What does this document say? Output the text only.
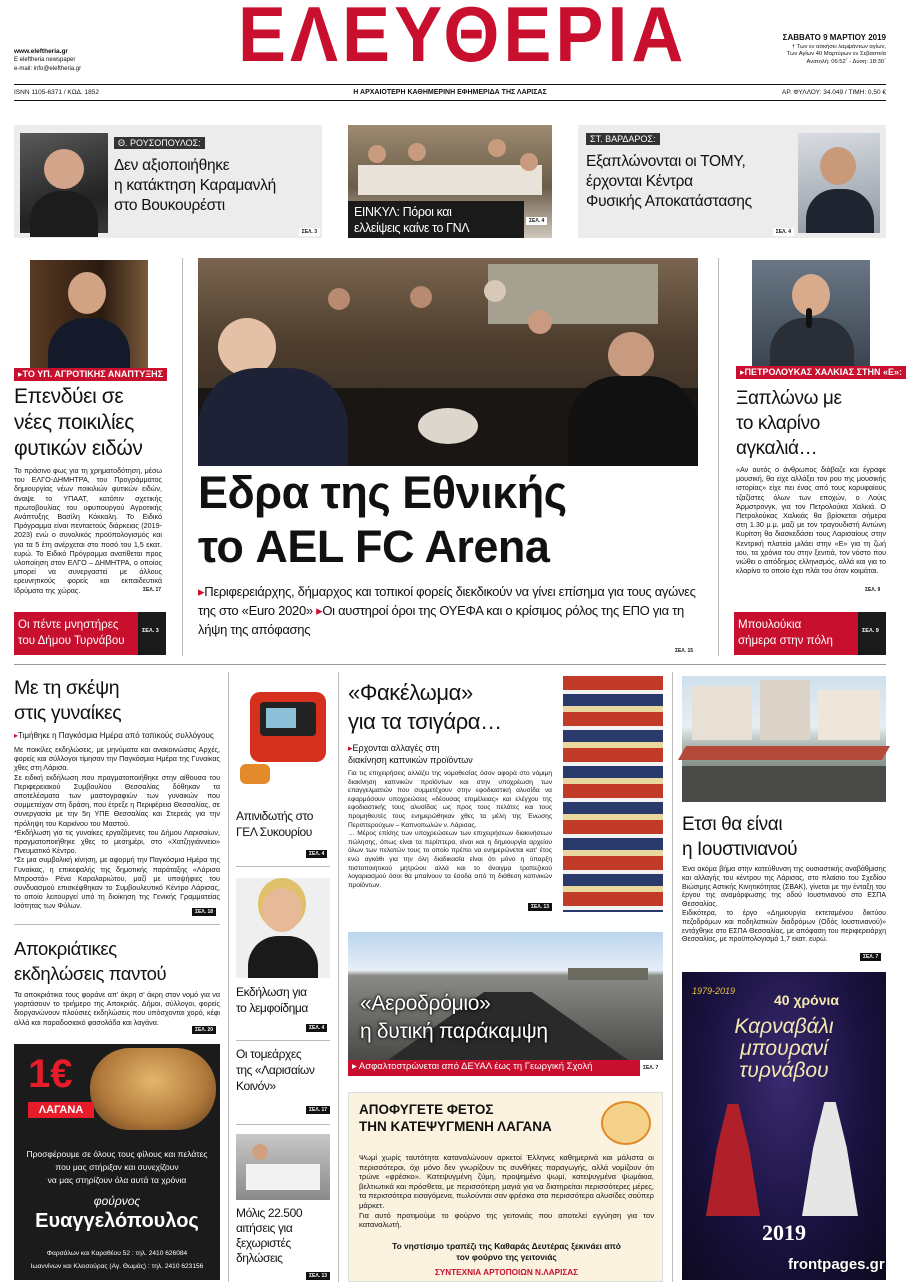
ΕΛΕΥΘΕΡΙΑ
www.eleftheria.gr
E eleftheria newspaper
e-mail: info@eleftheria.gr
ΣΑΒΒΑΤΟ 9 ΜΑΡΤΙΟΥ 2019
† Των εν ασκήσει λαμψάντων αγίων,
Των Αγίων 40 Μαρτύρων εν Σεβαστεία
Ανατολή: 06:52΄ - Δύση: 18:30΄
ISNN 1105-6371 / ΚΩΔ. 1852	Η ΑΡΧΑΙΟΤΕΡΗ ΚΑΘΗΜΕΡΙΝΗ ΕΦΗΜΕΡΙΔΑ ΤΗΣ ΛΑΡΙΣΑΣ	ΑΡ. ΦΥΛΛΟΥ: 34.049 / ΤΙΜΗ: 0,50 €
Θ. ΡΟΥΣΟΠΟΥΛΟΣ:
Δεν αξιοποιήθηκε
η κατάκτηση Καραμανλή
στο Βουκουρέστι
ΣΕΛ. 3
ΕΙΝΚΥΛ: Πόροι και
ελλείψεις καίνε το ΓΝΛ	ΣΕΛ. 4
ΣΤ. ΒΑΡΔΑΡΟΣ:
Εξαπλώνονται οι ΤΟΜΥ,
έρχονται Κέντρα
Φυσικής Αποκατάστασης
ΣΕΛ. 4
▸ΤΟ ΥΠ. ΑΓΡΟΤΙΚΗΣ ΑΝΑΠΤΥΞΗΣ
Επενδύει σε
νέες ποικιλίες
φυτικών ειδών
Το πράσινο φως για τη χρηματοδότηση, μέσω του ΕΛΓΟ-ΔΗΜΗΤΡΑ, του Προγράμματος δημιουργίας νέων ποικιλιών φυτικών ειδών, άναψε το ΥΠΑΑΤ, κατόπιν σχετικής πρωτοβουλίας του υφυπουργού Αγροτικής Ανάπτυξης Βασίλη Κόκκαλη. Το Ειδικό Πρόγραμμα είναι πενταετούς διάρκειας (2019-2023) ενώ ο συνολικός προϋπολογισμός και για τα 5 έτη ανέρχεται στο ποσό του 1,5 εκατ. ευρώ. Το Ειδικό Πρόγραμμα ανατίθεται προς υλοποίηση στον ΕΛΓΟ – ΔΗΜΗΤΡΑ, ο οποίος μπορεί να συνεργαστεί με άλλους ερευνητικούς φορείς και εκπαιδευτικά Ιδρύματα της χώρας.	ΣΕΛ. 17
Οι πέντε μνηστήρες
του Δήμου Τυρνάβου
ΣΕΛ. 3
Εδρα της Εθνικής
το AEL FC Arena
▸Περιφερειάρχης, δήμαρχος και τοπικοί φορείς διεκδικούν να γίνει επίσημα για τους αγώνες της στο «Euro 2020» ▸Οι αυστηροί όροι της ΟΥΕΦΑ και ο κρίσιμος ρόλος της ΕΠΟ για τη λήψη της απόφασης
ΣΕΛ. 15
▸ΠΕΤΡΟΛΟΥΚΑΣ ΧΑΛΚΙΑΣ ΣΤΗΝ «Ε»:
Ξαπλώνω με
το κλαρίνο
αγκαλιά…
«Αν αυτός ο άνθρωπος διάβαζε και έγραφε μουσική, θα είχε αλλάξει τον ρου της μουσικής ιστορίας» είχε πει ένας από τους κορυφαίους τζαζίστες όλων των εποχών, ο Λούις Άρμστρονγκ, για τον Πετρολούκα Χαλκιά. Ο Πετρολούκας Χαλκιάς θα βρίσκεται σήμερα στη 1.30 μ.μ. μαζί με τον τραγουδιστή Αντώνη Κυρίτση θα διασκεδάσει τους Λαρισαίους στην Κεντρική πλατεία μιλάει στην «Ε» για τη ζωή του, τα χρόνια του στην ξενιτιά, τον νόστο που νιώθει ο απόδημος ελληνισμός, αλλά και για το κλαρίνο το οποίο έχει πλάι του όταν κοιμάται.
ΣΕΛ. 9
Μπουλούκια
σήμερα στην πόλη
ΣΕΛ. 9
Με τη σκέψη
στις γυναίκες
▸Τιμήθηκε η Παγκόσμια Ημέρα από τοπικούς συλλόγους
Με ποικίλες εκδηλώσεις, με μηνύματα και ανακοινώσεις Αρχές, φορείς και σύλλογοι τίμησαν την Παγκόσμια Ημέρα της Γυναίκας χθες στη Λάρισα.
Σε ειδική εκδήλωση που πραγματοποιήθηκε στην αίθουσα του Περιφερειακού Συμβουλίου Θεσσαλίας δόθηκαν τα αποτελέσματα των μαστογραφιών των γυναικών που συμμετείχαν στη δράση, που έτρεξε η Περιφέρεια Θεσσαλίας, σε συνεργασία με την 5η ΥΠΕ Θεσσαλίας και Στερεάς για την πρόληψη του Καρκίνου του Μαστού.
*Εκδήλωση για τις γυναίκες εργαζόμενες του Δήμου Λαρισαίων, πραγματοποιήθηκε χθες το μεσημέρι, στο «Χατζηγιάννειο» Πνευματικό Κέντρο.
*Σε μια συμβολική κίνηση, με αφορμή την Παγκόσμια Ημέρα της Γυναίκας, η επικεφαλής της δημοτικής παράταξης «Λάρισα Μπροστά» Ρένα Καραλαριώτου, μαζί με υποψήφιες του συνδυασμού επισκέφθηκαν το Συμβουλευτικό Κέντρο Λάρισας, το οποίο λειτουργεί υπό τη διοίκηση της Γενικής Γραμματείας Ισότητας των Φύλων.
ΣΕΛ. 18
Αποκριάτικες
εκδηλώσεις παντού
Τα αποκριάτικα τους φοράνε απ' άκρη σ' άκρη στον νομό για να γιορτάσουν το τριήμερο της Αποκριάς. Δήμοι, σύλλογοι, φορείς διοργανώνουν πλούσιες εκδηλώσεις που υπόσχονται χορό, κέφι αλλά και παραδοσιακό φασολάδα και λαγάνα.
ΣΕΛ. 20
1€
ΛΑΓΑΝΑ
Προσφέρουμε σε όλους τους φίλους και πελάτες
που μας στήριξαν και συνεχίζουν
να μας στηρίζουν όλα αυτά τα χρόνια
φούρνος
Ευαγγελόπουλος
Φαρσάλων και Καραθέου 52 : τηλ. 2410 626084
Ιωαννίνων και Κλεισούρας (Αγ. Θωμάς) : τηλ. 2410 623156
Απινιδωτής στο
ΓΕΛ Συκουρίου
ΣΕΛ. 4
Εκδήλωση για
το λεμφοίδημα
ΣΕΛ. 4
Οι τομεάρχες
της «Λαρισαίων
Κοινόν»
ΣΕΛ. 17
Μόλις 22.500
αιτήσεις για
ξεχωριστές
δηλώσεις
ΣΕΛ. 13
«Φακέλωμα»
για τα τσιγάρα…
▸Ερχονται αλλαγές στη
διακίνηση καπνικών προϊόντων
Για τις επιχειρήσεις αλλάζει της νομοθεσίας όσον αφορά στο νόμιμη διακίνηση καπνικών προϊόντων και στην υποχρέωση των επαγγελματιών που συμμετέχουν στην εφοδιαστική αλυσίδα να εφαρμόσουν υποχρεώσεις «δέουσας επιμέλειας» και ελέγχου της εφοδιαστικής τους αλυσίδας ως προς τους πελάτες και τους προμηθευτές τους ενημερώθηκαν χθες τα μέλη της Ένωσης Περιπτερούχων – Καπνοπωλών ν. Λάρισας.
… Μέρος επίσης των υποχρεώσεων των επιχειρήσεων διακινήσεων πώλησης, όπως είναι τα περίπτερα, είναι και η δημιουργία αρχείου όλων των πελατών τους το οποίο πρέπει να ενημερώνεται κατ' έτος ενώ αγκάθι για την όλη διαδικασία είναι ότι μόνο η ύπαρξη πιστοποιητικού μητρώου αλλά και το άνοιγμα τραπεζικού λογαριασμού όσοι θα μπαίνουν τα έσοδα από τη διάθεση καπνικών προϊόντων.
ΣΕΛ. 13
«Αεροδρόμιο»
η δυτική παράκαμψη
▸ Ασφαλτοστρώνεται από ΔΕΥΑΛ έως τη Γεωργική Σχολή	ΣΕΛ. 7
ΑΠΟΦΥΓΕΤΕ ΦΕΤΟΣ
ΤΗΝ ΚΑΤΕΨΥΓΜΕΝΗ ΛΑΓΑΝΑ
Ψωμί χωρίς ταυτότητα καταναλώνουν αρκετοί Έλληνες καθημερινά και μάλιστα οι περισσότεροι, όχι μόνο δεν γνωρίζουν τις συνθήκες παραγωγής, αλλά νομίζουν ότι τρώνε «φρέσκο». Κατεψυγμένη ζύμη, προψημένο ψωμί, κατεψυγμένα ψωμάκια, βελτιωτικά και πρόσθετα, με περισσότερη μαγιά για να διατηρείται περισσότερες μέρες, τα περισσότερα εισαγόμενα, πωλούνται σαν φρέσκα στα περισσότερα αλυσίδες σούπερ μάρκετ.
Για αυτό προτιμούμε το φούρνο της γειτονιάς που αποτελεί εγγύηση για τον καταναλωτή.
Το νηστίσιμο τραπέζι της Καθαράς Δευτέρας ξεκινάει από
τον φούρνο της γειτονιάς
ΣΥΝΤΕΧΝΙΑ ΑΡΤΟΠΟΙΩΝ Ν.ΛΑΡΙΣΑΣ
Ετσι θα είναι
η Ιουστινιανού
Ένα ακόμα βήμα στην κατεύθυνση της ουσιαστικής αναβάθμισης και αλλαγής του κέντρου της Λάρισας, στο πλαίσιο του Σχεδίου Βιώσιμης Αστικής Κινητικότητας (ΣΒΑΚ), γίνεται με την ένταξη του έργου της αναμόρφωσης της οδού Ιουστινιανού στο ΕΣΠΑ Θεσσαλίας.
Ειδικότερα, το έργο «Δημιουργία εκτεταμένου δικτύου πεζοδρόμων και ποδηλατικών διαδρόμων (Οδός Ιουστινιανού)» εντάχθηκε στο ΕΣΠΑ Θεσσαλίας, με απόφαση του περιφερειάρχη Θεσσαλίας, με προϋπολογισμό 1,7 εκατ. ευρώ.
ΣΕΛ. 7
1979-2019
40 χρόνια
Καρναβάλι
μπουρανί
τυρνάβου
2019
frontpages.gr
